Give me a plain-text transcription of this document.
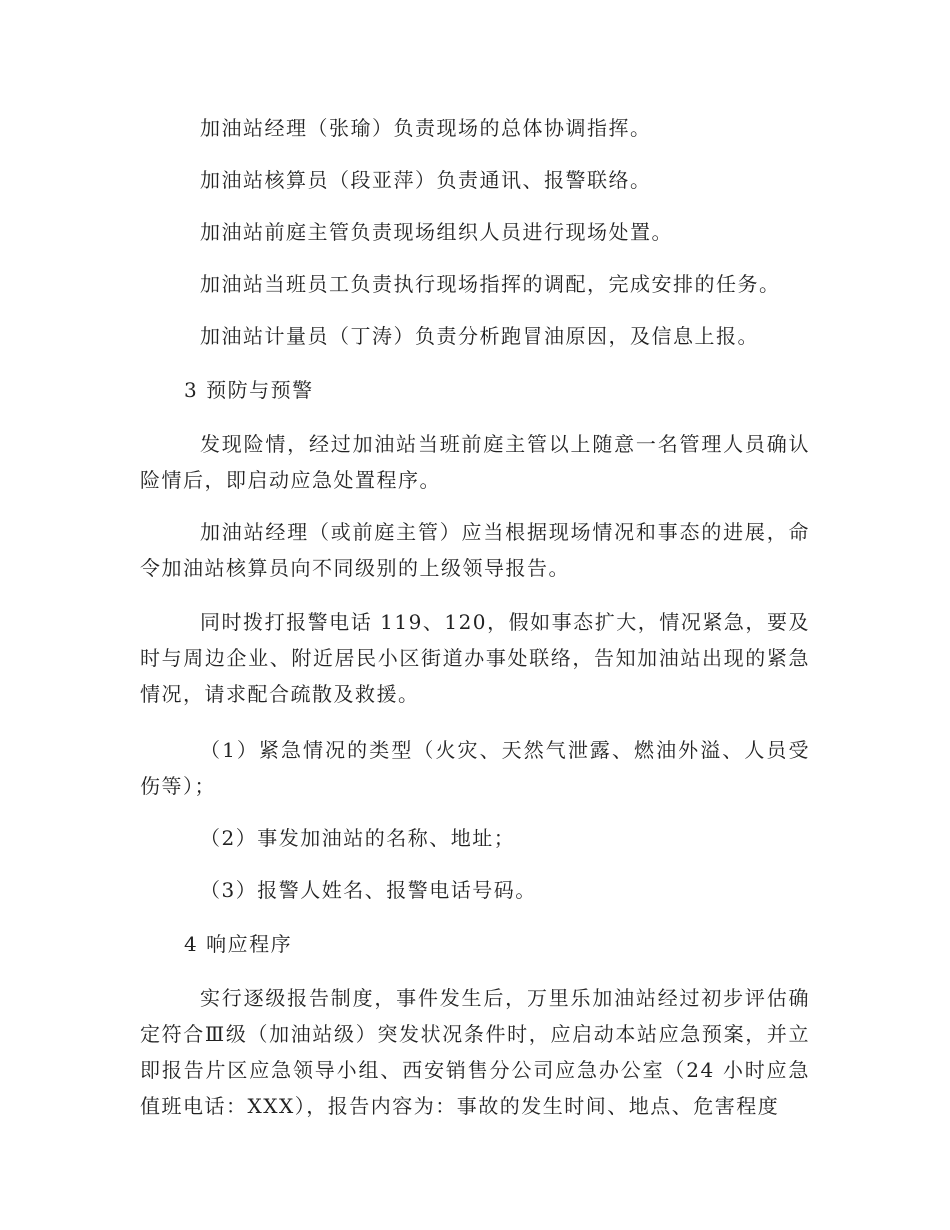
加油站经理（张瑜）负责现场的总体协调指挥。

加油站核算员（段亚萍）负责通讯、报警联络。

加油站前庭主管负责现场组织人员进行现场处置。

加油站当班员工负责执行现场指挥的调配，完成安排的任务。

加油站计量员（丁涛）负责分析跑冒油原因，及信息上报。

3 预防与预警

发现险情，经过加油站当班前庭主管以上随意一名管理人员确认险情后，即启动应急处置程序。

加油站经理（或前庭主管）应当根据现场情况和事态的进展，命令加油站核算员向不同级别的上级领导报告。

同时拨打报警电话 119、120，假如事态扩大，情况紧急，要及时与周边企业、附近居民小区街道办事处联络，告知加油站出现的紧急情况，请求配合疏散及救援。

（1）紧急情况的类型（火灾、天然气泄露、燃油外溢、人员受伤等）；

（2）事发加油站的名称、地址；

（3）报警人姓名、报警电话号码。

4 响应程序

实行逐级报告制度，事件发生后，万里乐加油站经过初步评估确定符合Ⅲ级（加油站级）突发状况条件时，应启动本站应急预案，并立即报告片区应急领导小组、西安销售分公司应急办公室（24 小时应急值班电话：XXX），报告内容为：事故的发生时间、地点、危害程度
